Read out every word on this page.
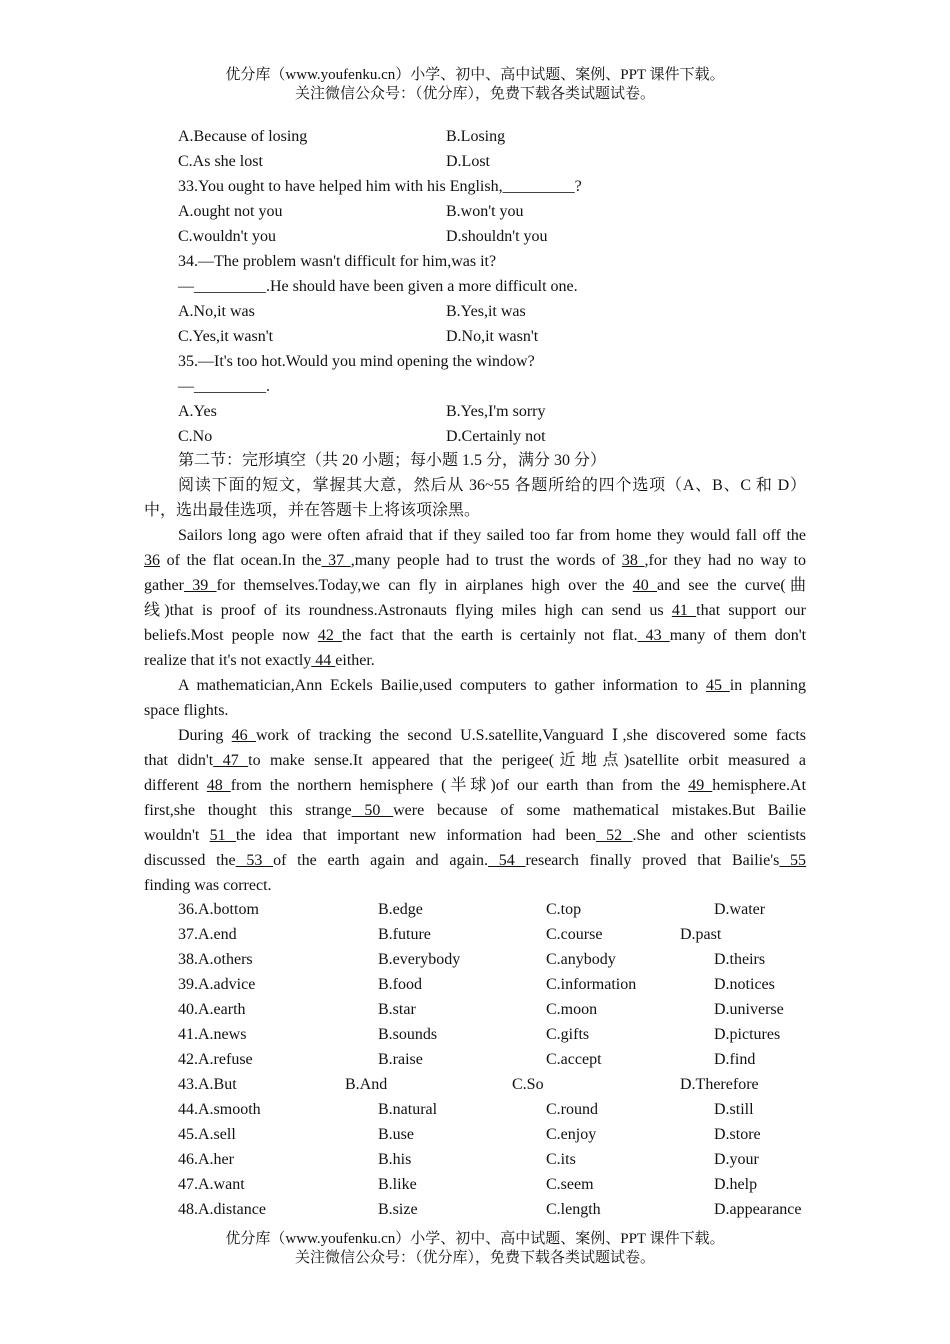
优分库（www.youfenku.cn）小学、初中、高中试题、案例、PPT 课件下载。
关注微信公众号：（优分库），免费下载各类试题试卷。
A.Because of losing	B.Losing
C.As she lost	D.Lost
33.You ought to have helped him with his English,_________?
A.ought not you	B.won't you
C.wouldn't you	D.shouldn't you
34.—The problem wasn't difficult for him,was it?
—_________.He should have been given a more difficult one.
A.No,it was	B.Yes,it was
C.Yes,it wasn't	D.No,it wasn't
35.—It's too hot.Would you mind opening the window?
—_________.
A.Yes	B.Yes,I'm sorry
C.No	D.Certainly not
第二节：完形填空（共 20 小题；每小题 1.5 分，满分 30 分）
阅读下面的短文，掌握其大意，然后从 36~55 各题所给的四个选项（A、B、C 和 D）
中，选出最佳选项，并在答题卡上将该项涂黑。
Sailors long ago were often afraid that if they sailed too far from home they would fall off the
36 of the flat ocean.In the 37 ,many people had to trust the words of 38 ,for they had no way to
gather 39 for themselves.Today,we can fly in airplanes high over the 40 and see the curve(曲
线)that is proof of its roundness.Astronauts flying miles high can send us 41 that support our
beliefs.Most people now 42 the fact that the earth is certainly not flat. 43 many of them don't
realize that it's not exactly 44 either.
A mathematician,Ann Eckels Bailie,used computers to gather information to 45 in planning
space flights.
During 46 work of tracking the second U.S.satellite,Vanguard Ⅰ,she discovered some facts
that didn't 47 to make sense.It appeared that the perigee(近地点)satellite orbit measured a
different 48 from the northern hemisphere (半球)of our earth than from the 49 hemisphere.At
first,she thought this strange 50 were because of some mathematical mistakes.But Bailie
wouldn't 51 the idea that important new information had been 52 .She and other scientists
discussed the 53 of the earth again and again. 54 research finally proved that Bailie's 55
finding was correct.
36.A.bottom	B.edge	C.top	D.water
37.A.end	B.future	C.course	D.past
38.A.others	B.everybody	C.anybody	D.theirs
39.A.advice	B.food	C.information	D.notices
40.A.earth	B.star	C.moon	D.universe
41.A.news	B.sounds	C.gifts	D.pictures
42.A.refuse	B.raise	C.accept	D.find
43.A.But	B.And	C.So	D.Therefore
44.A.smooth	B.natural	C.round	D.still
45.A.sell	B.use	C.enjoy	D.store
46.A.her	B.his	C.its	D.your
47.A.want	B.like	C.seem	D.help
48.A.distance	B.size	C.length	D.appearance
优分库（www.youfenku.cn）小学、初中、高中试题、案例、PPT 课件下载。
关注微信公众号：（优分库），免费下载各类试题试卷。
